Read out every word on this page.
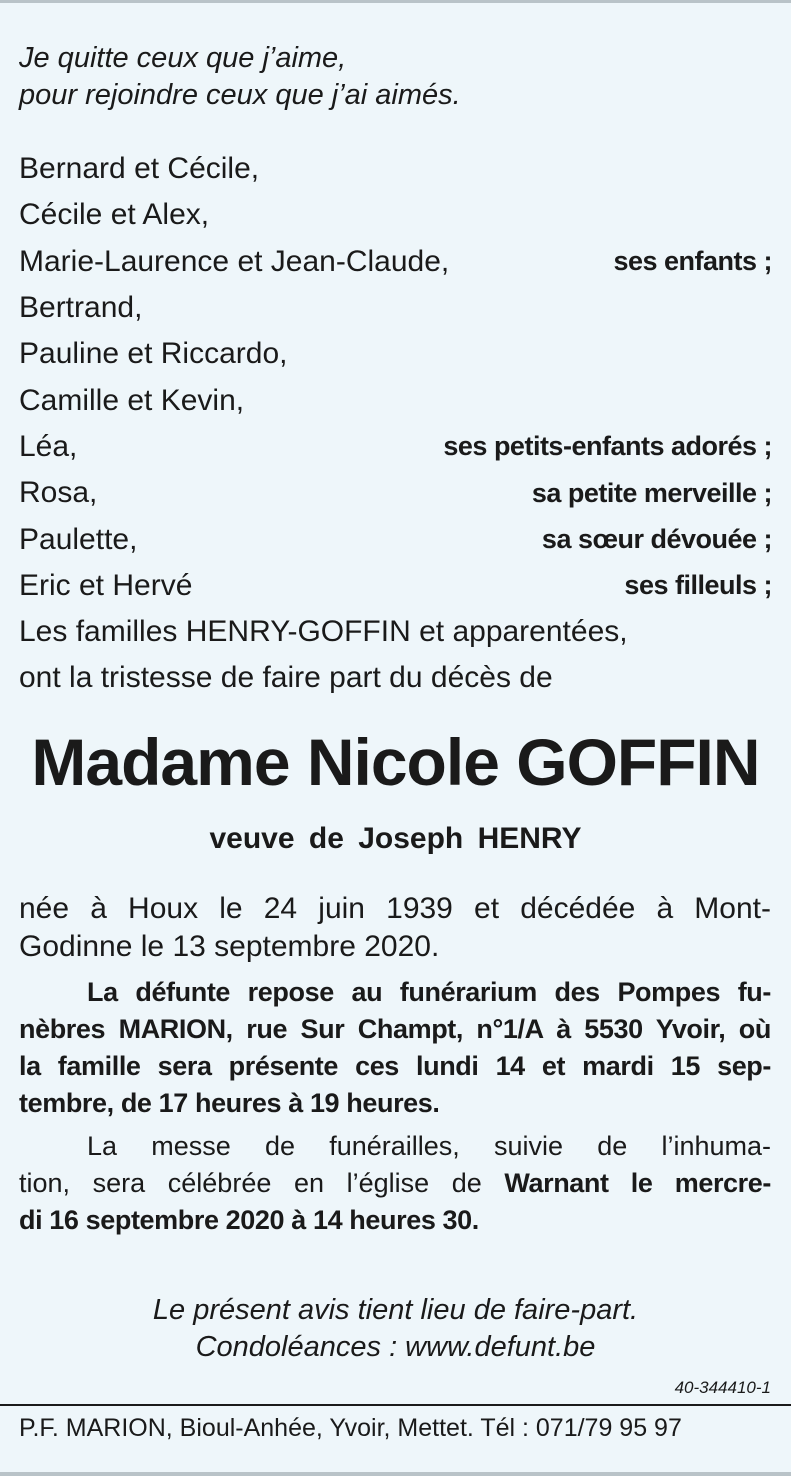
Je quitte ceux que j’aime,
pour rejoindre ceux que j’ai aimés.
Bernard et Cécile,
Cécile et Alex,
Marie-Laurence et Jean-Claude,	ses enfants ;
Bertrand,
Pauline et Riccardo,
Camille et Kevin,
Léa,	ses petits-enfants adorés ;
Rosa,	sa petite merveille ;
Paulette,	sa sœur dévouée ;
Eric et Hervé	ses filleuls ;
Les familles HENRY-GOFFIN et apparentées,
ont la tristesse de faire part du décès de
Madame Nicole GOFFIN
veuve de Joseph HENRY
née à Houx le 24 juin 1939 et décédée à Mont-
Godinne le 13 septembre 2020.
La défunte repose au funérarium des Pompes fu-
nèbres MARION, rue Sur Champt, n°1/A à 5530 Yvoir, où
la famille sera présente ces lundi 14 et mardi 15 sep-
tembre, de 17 heures à 19 heures.
La messe de funérailles, suivie de l’inhuma-
tion, sera célébrée en l’église de Warnant le mercre-
di 16 septembre 2020 à 14 heures 30.
Le présent avis tient lieu de faire-part.
Condoléances : www.defunt.be
40-344410-1
P.F. MARION, Bioul-Anhée, Yvoir, Mettet. Tél : 071/79 95 97
